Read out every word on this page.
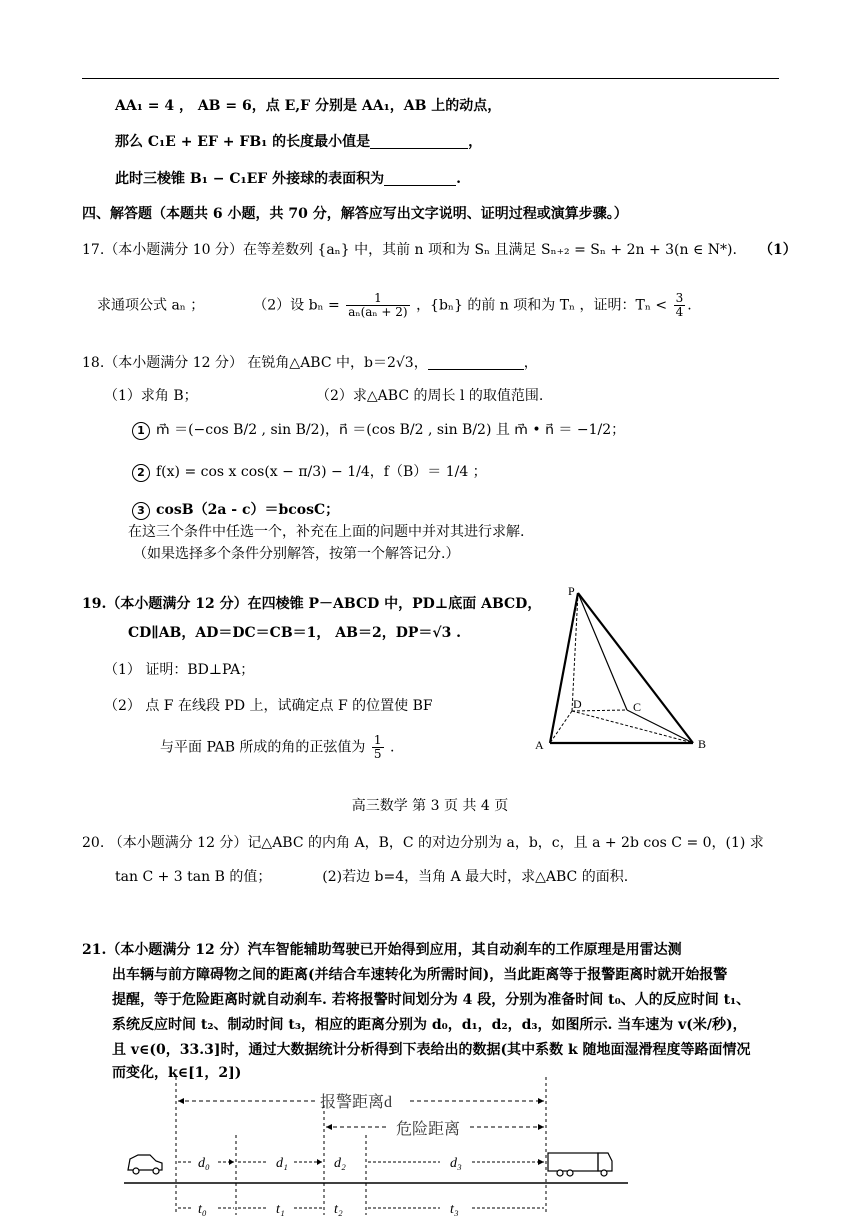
AA₁ = 4 ， AB = 6，点 E,F 分别是 AA₁，AB 上的动点，
那么 C₁E + EF + FB₁ 的长度最小值是	，
此时三棱锥 B₁ − C₁EF 外接球的表面积为	.
四、解答题（本题共 6 小题，共 70 分，解答应写出文字说明、证明过程或演算步骤。）
17.（本小题满分 10 分）在等差数列 {aₙ} 中，其前 n 项和为 Sₙ 且满足 Sₙ₊₂ = Sₙ + 2n + 3(n ∈ N*). （1）
求通项公式 aₙ ；	（2）设 $b_n = \frac{1}{\text{aₙ(aₙ + 2)}}$ ，{bₙ} 的前 n 项和为 Tₙ ，证明：$T_n < \frac{3}{4}$ .
18.（本小题满分 12 分） 在锐角△ABC 中，b＝2√3，	，
（1）求角 B；	（2）求△ABC 的周长 l 的取值范围.
1 m⃗ ＝(−cos B/2 , sin B/2)，n⃗ ＝(cos B/2 , sin B/2) 且 m⃗ • n⃗ ＝ −1/2；
2 f(x) = cos x cos(x − π/3) − 1/4，f（B）＝ 1/4 ；
3 cosB（2a - c）＝bcosC；
在这三个条件中任选一个，补充在上面的问题中并对其进行求解.
（如果选择多个条件分别解答，按第一个解答记分.）
19.（本小题满分 12 分）在四棱锥 P－ABCD 中，PD⊥底面 ABCD，
CD∥AB，AD＝DC＝CB＝1， AB＝2，DP＝√3 .
（1） 证明：BD⊥PA；
（2） 点 F 在线段 PD 上，试确定点 F 的位置使 BF
与平面 PAB 所成的角的正弦值为 $\frac{1}{5}$ .
P
A	B
C
D
高三数学 第 3 页 共 4 页
20. （本小题满分 12 分）记△ABC 的内角 A，B，C 的对边分别为 a，b，c，且 a + 2b cos C = 0，(1) 求
tan C + 3 tan B 的值；	(2)若边 b=4，当角 A 最大时，求△ABC 的面积.
21.（本小题满分 12 分）汽车智能辅助驾驶已开始得到应用，其自动刹车的工作原理是用雷达测
出车辆与前方障碍物之间的距离(并结合车速转化为所需时间)，当此距离等于报警距离时就开始报警
提醒，等于危险距离时就自动刹车. 若将报警时间划分为 4 段，分别为准备时间 t₀、人的反应时间 t₁、
系统反应时间 t₂、制动时间 t₃，相应的距离分别为 d₀，d₁，d₂，d₃，如图所示. 当车速为 v(米/秒)，
且 v∈(0，33.3]时，通过大数据统计分析得到下表给出的数据(其中系数 k 随地面湿滑程度等路面情况
而变化，k∈[1，2])
报警距离d
危险距离
d₀	d₁	d₂	d₃
t₀	t₁	t₂	t₃
